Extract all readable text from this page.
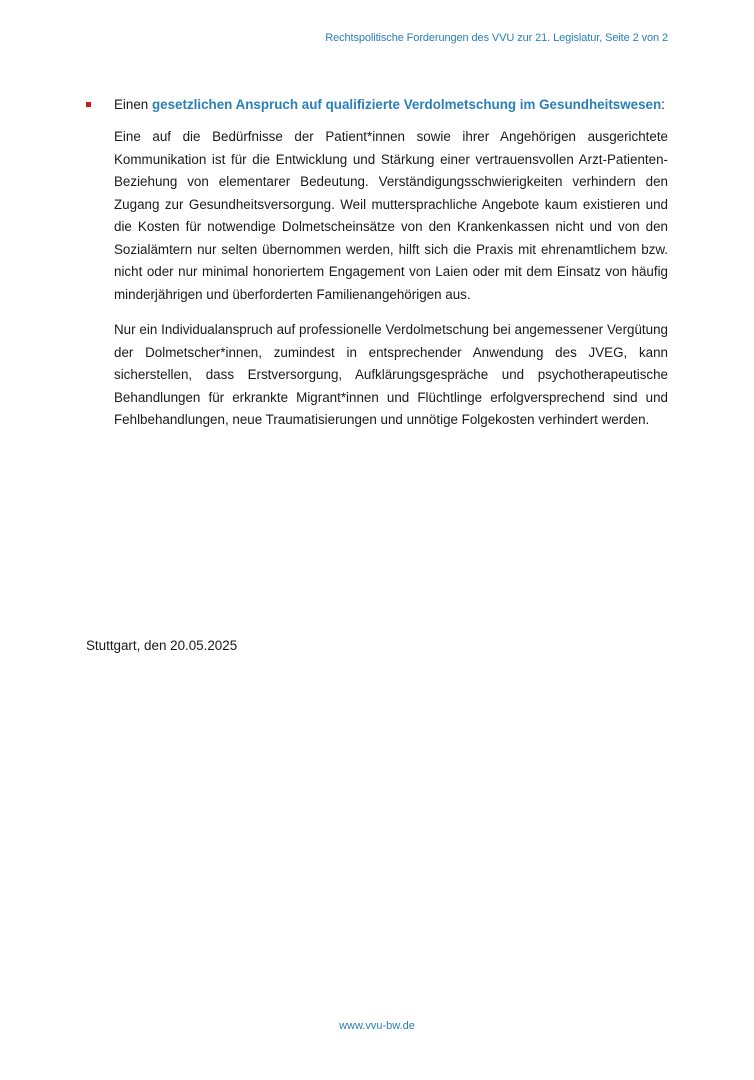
Rechtspolitische Forderungen des VVU zur 21. Legislatur, Seite 2 von 2
Einen gesetzlichen Anspruch auf qualifizierte Verdolmetschung im Gesundheitswesen:

Eine auf die Bedürfnisse der Patient*innen sowie ihrer Angehörigen ausgerichtete Kommunikation ist für die Entwicklung und Stärkung einer vertrauensvollen Arzt-Patienten-Beziehung von elementarer Bedeutung. Verständigungsschwierigkeiten verhindern den Zugang zur Gesundheitsversorgung. Weil muttersprachliche Angebote kaum existieren und die Kosten für notwendige Dolmetscheinsätze von den Krankenkassen nicht und von den Sozialämtern nur selten übernommen werden, hilft sich die Praxis mit ehrenamtlichem bzw. nicht oder nur minimal honoriertem Engagement von Laien oder mit dem Einsatz von häufig minderjährigen und überforderten Familienangehörigen aus.

Nur ein Individualanspruch auf professionelle Verdolmetschung bei angemessener Vergütung der Dolmetscher*innen, zumindest in entsprechender Anwendung des JVEG, kann sicherstellen, dass Erstversorgung, Aufklärungsgespräche und psychotherapeutische Behandlungen für erkrankte Migrant*innen und Flüchtlinge erfolgversprechend sind und Fehlbehandlungen, neue Traumatisierungen und unnötige Folgekosten verhindert werden.

Stuttgart, den 20.05.2025
www.vvu-bw.de
